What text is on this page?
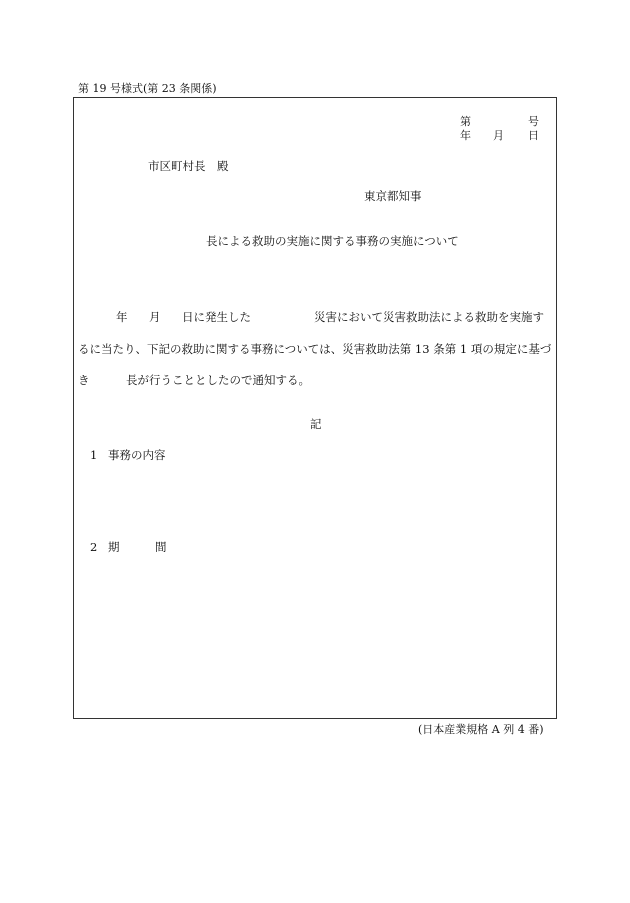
第 19 号様式(第 23 条関係)
第	号
年 月 日
市区町村長　殿
東京都知事
長による救助の実施に関する事務の実施について
年 月 日に発生した	災害において災害救助法による救助を実施す
るに当たり、下記の救助に関する事務については、災害救助法第 13 条第 1 項の規定に基づ
き	長が行うこととしたので通知する。
記
1 事務の内容
2 期	間
(日本産業規格 A 列 4 番)
